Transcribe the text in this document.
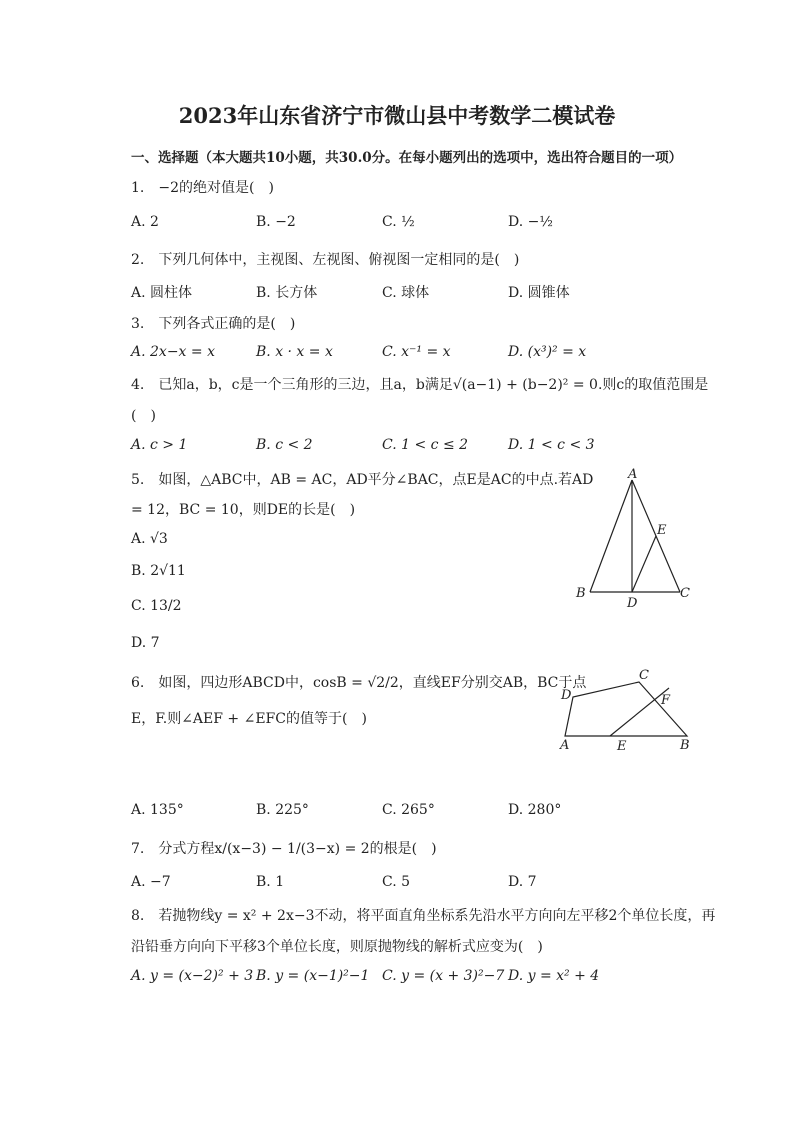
2023年山东省济宁市微山县中考数学二模试卷
一、选择题（本大题共10小题，共30.0分。在每小题列出的选项中，选出符合题目的一项）
1.　−2的绝对值是(　)
A. 2	B. −2	C. ½	D. −½
2.　下列几何体中，主视图、左视图、俯视图一定相同的是(　)
A. 圆柱体	B. 长方体	C. 球体	D. 圆锥体
3.　下列各式正确的是(　)
A. 2x−x = x	B. x · x = x	C. x⁻¹ = x	D. (x³)² = x
4.　已知a，b，c是一个三角形的三边，且a，b满足√(a−1) + (b−2)² = 0.则c的取值范围是
(　)
A. c > 1	B. c < 2	C. 1 < c ≤ 2	D. 1 < c < 3
5.　如图，△ABC中，AB = AC，AD平分∠BAC，点E是AC的中点.若AD
= 12，BC = 10，则DE的长是(　)
A. √3
B. 2√11
C. 13/2
D. 7
A
B	C
D
E
6.　如图，四边形ABCD中，cosB = √2/2，直线EF分别交AB，BC于点
E，F.则∠AEF + ∠EFC的值等于(　)
A	B
C
D
E
F
A. 135°	B. 225°	C. 265°	D. 280°
7.　分式方程x/(x−3) − 1/(3−x) = 2的根是(　)
A. −7	B. 1	C. 5	D. 7
8.　若抛物线y = x² + 2x−3不动，将平面直角坐标系先沿水平方向向左平移2个单位长度，再
沿铅垂方向向下平移3个单位长度，则原抛物线的解析式应变为(　)
A. y = (x−2)² + 3 B. y = (x−1)²−1 C. y = (x + 3)²−7 D. y = x² + 4
